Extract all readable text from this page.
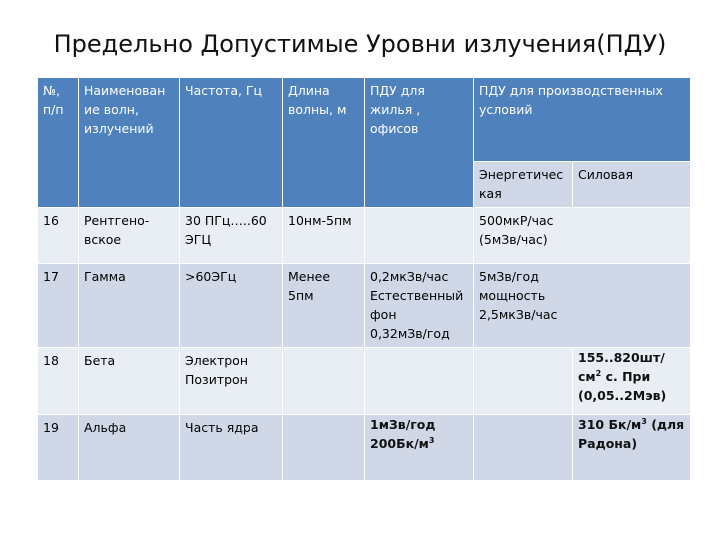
Предельно Допустимые Уровни излучения(ПДУ)
№,
п/п	Наименован
ие волн,
излучений	Частота, Гц	Длина
волны, м	ПДУ для
жилья ,
офисов	ПДУ для производственных
условий	
					Энергетичес
кая	Силовая
16	Рентгено-
вское	30 ПГц…..60
ЭГЦ	10нм-5пм		500мкР/час
(5мЗв/час)	
17	Гамма	>60ЭГц	Менее
5пм	0,2мкЗв/час
Естественный
фон
0,32мЗв/год	5мЗв/год
мощность
2,5мкЗв/час	
18	Бета	Электрон
Позитрон				155..820шт/
$см^2$ с. При
(0,05..2Мэв)
19	Альфа	Часть ядра		1мЗв/год
$200Бк/м^3$		310 $Бк/м^3$ (для
Радона)
